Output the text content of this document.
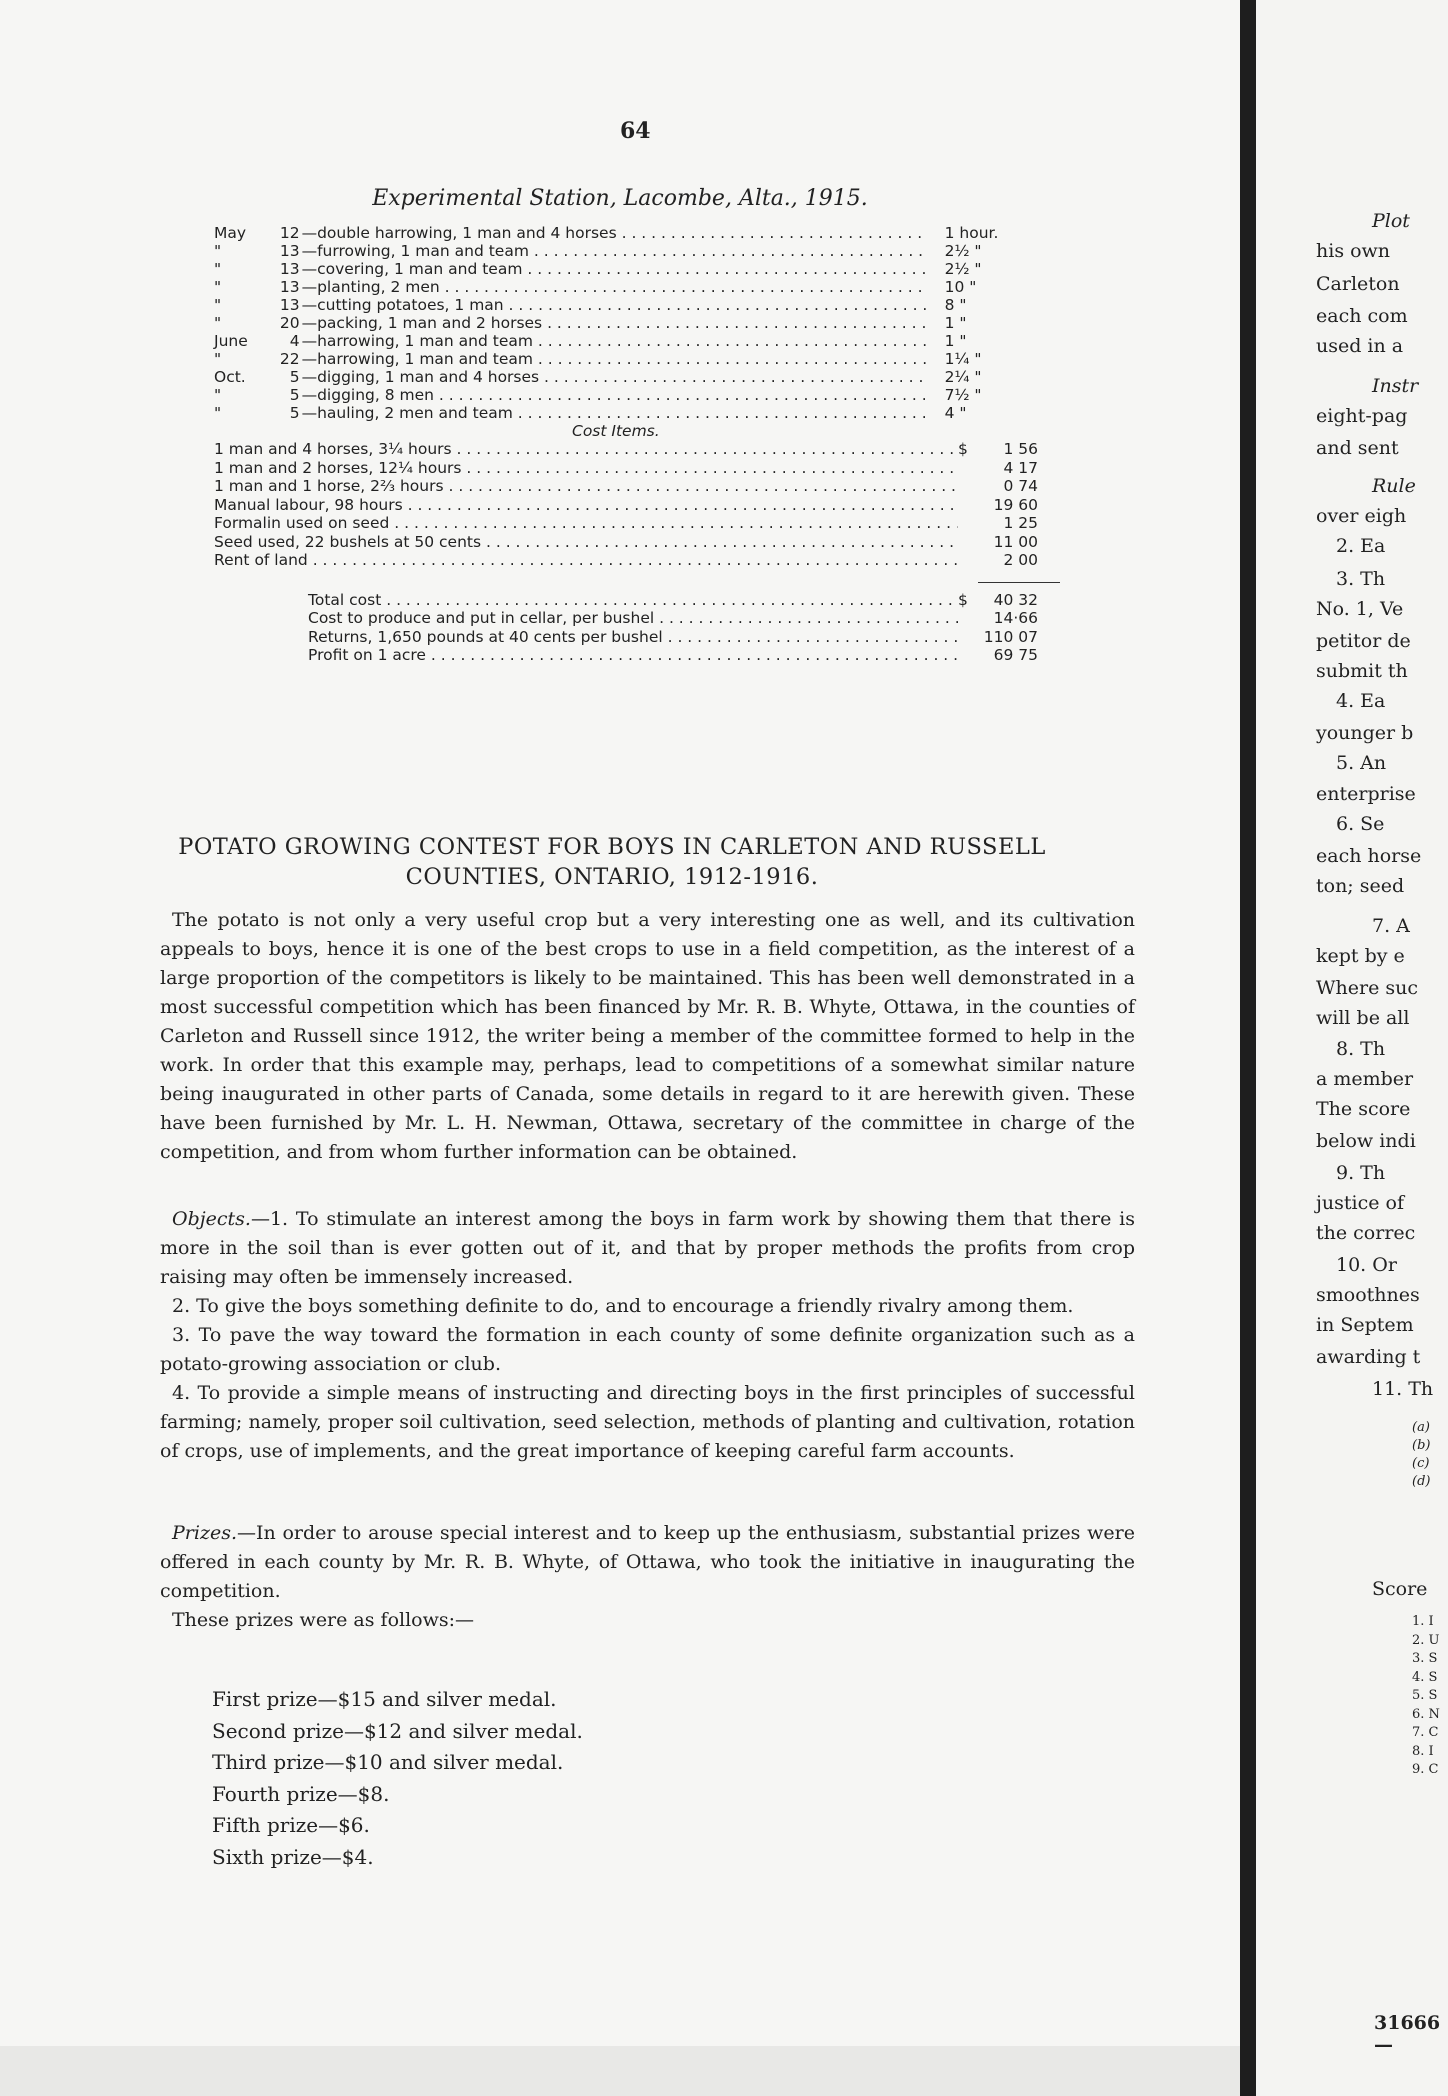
64
Experimental Station, Lacombe, Alta., 1915.
May	12 —double harrowing, 1 man and 4 horses . . .	1 hour.
"	13 —furrowing, 1 man and team . . .	2½ "
"	13 —covering, 1 man and team . . .	2½ "
"	13 —planting, 2 men . . .	10 "
"	13 —cutting potatoes, 1 man . . .	8 "
"	20 —packing, 1 man and 2 horses . . .	1 "
June	4 —harrowing, 1 man and team . . .	1 "
"	22 —harrowing, 1 man and team . . .	1¼ "
Oct.	5 —digging, 1 man and 4 horses . . .	2¼ "
"	5 —digging, 8 men . . .	7½ "
"	5 —hauling, 2 men and team . . .	4 "
Cost Items.
1 man and 4 horses, 3¼ hours . . .	$	1 56
1 man and 2 horses, 12¼ hours . . .	4 17
1 man and 1 horse, 2⅔ hours . . .	0 74
Manual labour, 98 hours . . .	19 60
Formalin used on seed . . .	1 25
Seed used, 22 bushels at 50 cents . . .	11 00
Rent of land . . .	2 00
Total cost . . .	$	40 32
Cost to produce and put in cellar, per bushel . . .	14·66
Returns, 1,650 pounds at 40 cents per bushel . . .	110 07
Profit on 1 acre . . .	69 75
POTATO GROWING CONTEST FOR BOYS IN CARLETON AND RUSSELL
COUNTIES, ONTARIO, 1912-1916.

The potato is not only a very useful crop but a very interesting one as well, and its cultivation appeals to boys, hence it is one of the best crops to use in a field competition, as the interest of a large proportion of the competitors is likely to be maintained. This has been well demonstrated in a most successful competition which has been financed by Mr. R. B. Whyte, Ottawa, in the counties of Carleton and Russell since 1912, the writer being a member of the committee formed to help in the work. In order that this example may, perhaps, lead to competitions of a somewhat similar nature being inaugurated in other parts of Canada, some details in regard to it are herewith given. These have been furnished by Mr. L. H. Newman, Ottawa, secretary of the committee in charge of the competition, and from whom further information can be obtained.

Objects.—1. To stimulate an interest among the boys in farm work by showing them that there is more in the soil than is ever gotten out of it, and that by proper methods the profits from crop raising may often be immensely increased.

2. To give the boys something definite to do, and to encourage a friendly rivalry among them.

3. To pave the way toward the formation in each county of some definite organization such as a potato-growing association or club.

4. To provide a simple means of instructing and directing boys in the first principles of successful farming; namely, proper soil cultivation, seed selection, methods of planting and cultivation, rotation of crops, use of implements, and the great importance of keeping careful farm accounts.

Prizes.—In order to arouse special interest and to keep up the enthusiasm, substantial prizes were offered in each county by Mr. R. B. Whyte, of Ottawa, who took the initiative in inaugurating the competition.

These prizes were as follows:—

First prize—$15 and silver medal.
Second prize—$12 and silver medal.
Third prize—$10 and silver medal.
Fourth prize—$8.
Fifth prize—$6.
Sixth prize—$4.
Plot
his own
Carleton
each com
used in a
Instr
eight-pag
and sent
Rule
over eigh
2. Ea
3. Th
No. 1, Ve
petitor de
submit th
4. Ea
younger b
5. An
enterprise
6. Se
each horse
ton; seed
7. A
kept by e
Where suc
will be all
8. Th
a member
The score
below indi
9. Th
justice of
the correc
10. Or
smoothnes
in Septem
awarding t
11. Th
(a)
(b)
(c)
(d)
Score
1. I
2. U
3. S
4. S
5. S
6. N
7. C
8. I
9. C
31666—
